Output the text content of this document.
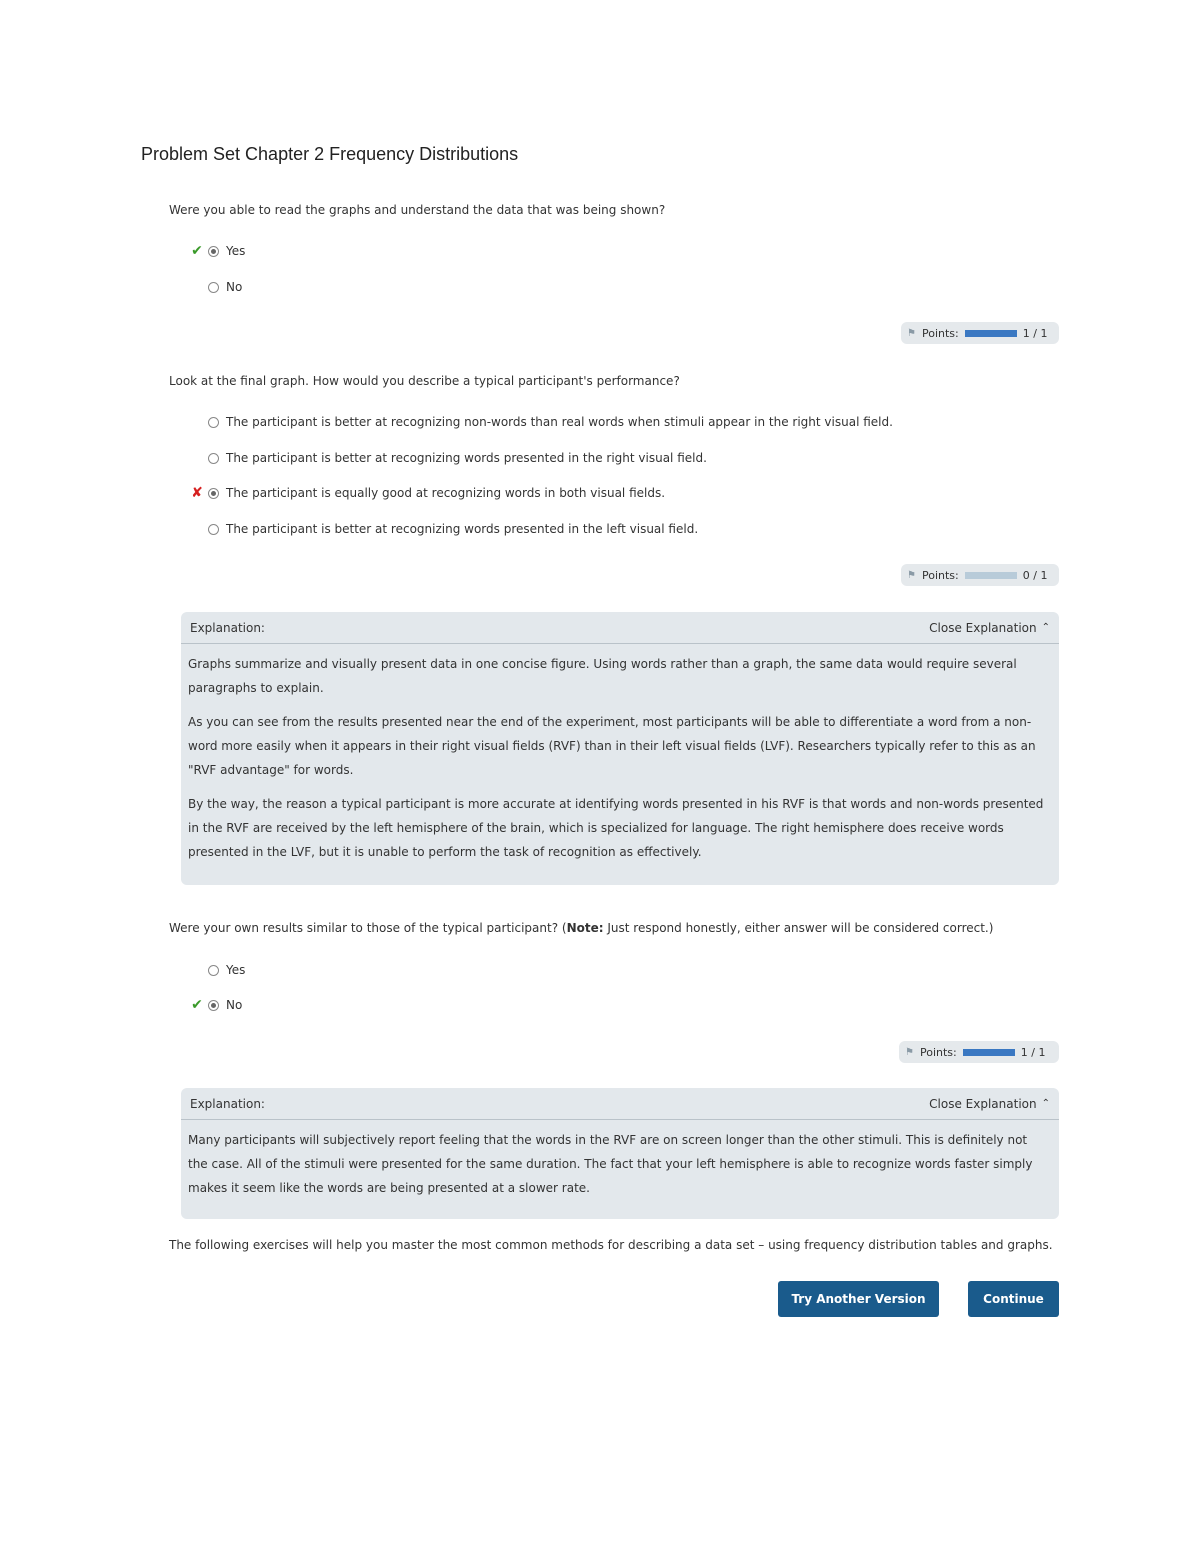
Problem Set Chapter 2 Frequency Distributions
Were you able to read the graphs and understand the data that was being shown?
✔	Yes
No
⚑ Points:	1 / 1
Look at the final graph. How would you describe a typical participant's performance?
The participant is better at recognizing non-words than real words when stimuli appear in the right visual field.
The participant is better at recognizing words presented in the right visual field.
✘	The participant is equally good at recognizing words in both visual fields.
The participant is better at recognizing words presented in the left visual field.
⚑ Points:	0 / 1
Explanation:	Close Explanation ⌃

Graphs summarize and visually present data in one concise figure. Using words rather than a graph, the same data would require several paragraphs to explain.

As you can see from the results presented near the end of the experiment, most participants will be able to differentiate a word from a non-word more easily when it appears in their right visual fields (RVF) than in their left visual fields (LVF). Researchers typically refer to this as an "RVF advantage" for words.

By the way, the reason a typical participant is more accurate at identifying words presented in his RVF is that words and non-words presented in the RVF are received by the left hemisphere of the brain, which is specialized for language. The right hemisphere does receive words presented in the LVF, but it is unable to perform the task of recognition as effectively.

Were your own results similar to those of the typical participant? (Note: Just respond honestly, either answer will be considered correct.)
Yes
✔	No
⚑ Points:	1 / 1
Explanation:	Close Explanation ⌃

Many participants will subjectively report feeling that the words in the RVF are on screen longer than the other stimuli. This is definitely not the case. All of the stimuli were presented for the same duration. The fact that your left hemisphere is able to recognize words faster simply makes it seem like the words are being presented at a slower rate.

The following exercises will help you master the most common methods for describing a data set – using frequency distribution tables and graphs.
Try Another Version	Continue
